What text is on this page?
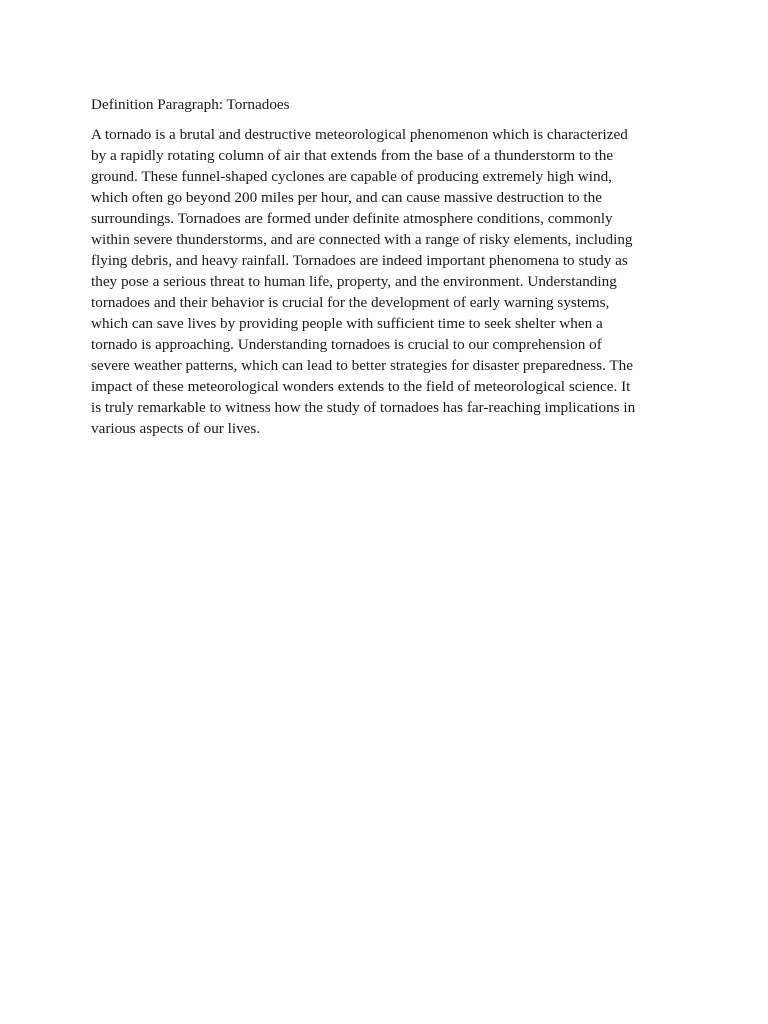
Definition Paragraph: Tornadoes

A tornado is a brutal and destructive meteorological phenomenon which is characterized
by a rapidly rotating column of air that extends from the base of a thunderstorm to the
ground. These funnel-shaped cyclones are capable of producing extremely high wind,
which often go beyond 200 miles per hour, and can cause massive destruction to the
surroundings. Tornadoes are formed under definite atmosphere conditions, commonly
within severe thunderstorms, and are connected with a range of risky elements, including
flying debris, and heavy rainfall. Tornadoes are indeed important phenomena to study as
they pose a serious threat to human life, property, and the environment. Understanding
tornadoes and their behavior is crucial for the development of early warning systems,
which can save lives by providing people with sufficient time to seek shelter when a
tornado is approaching. Understanding tornadoes is crucial to our comprehension of
severe weather patterns, which can lead to better strategies for disaster preparedness. The
impact of these meteorological wonders extends to the field of meteorological science. It
is truly remarkable to witness how the study of tornadoes has far-reaching implications in
various aspects of our lives.
